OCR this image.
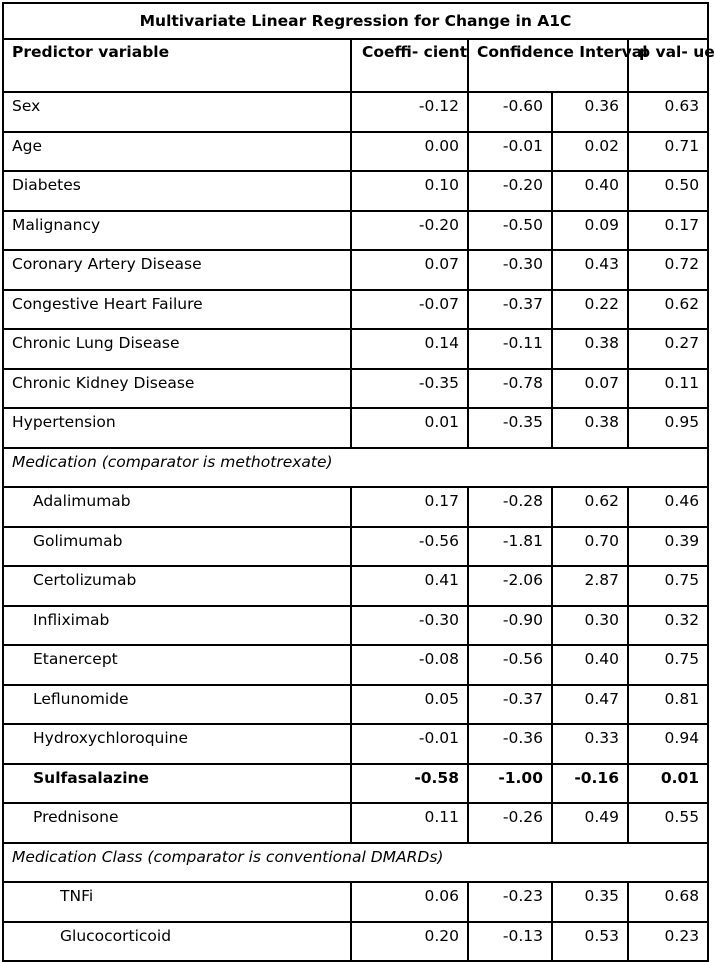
Multivariate Linear Regression for Change in A1C				
Predictor variable	Coeffi- cient	Confidence Interval		p val- ue
Sex	-0.12	-0.60	0.36	0.63
Age	0.00	-0.01	0.02	0.71
Diabetes	0.10	-0.20	0.40	0.50
Malignancy	-0.20	-0.50	0.09	0.17
Coronary Artery Disease	0.07	-0.30	0.43	0.72
Congestive Heart Failure	-0.07	-0.37	0.22	0.62
Chronic Lung Disease	0.14	-0.11	0.38	0.27
Chronic Kidney Disease	-0.35	-0.78	0.07	0.11
Hypertension	0.01	-0.35	0.38	0.95
Medication (comparator is methotrexate)				
Adalimumab	0.17	-0.28	0.62	0.46
Golimumab	-0.56	-1.81	0.70	0.39
Certolizumab	0.41	-2.06	2.87	0.75
Infliximab	-0.30	-0.90	0.30	0.32
Etanercept	-0.08	-0.56	0.40	0.75
Leflunomide	0.05	-0.37	0.47	0.81
Hydroxychloroquine	-0.01	-0.36	0.33	0.94
Sulfasalazine	-0.58	-1.00	-0.16	0.01
Prednisone	0.11	-0.26	0.49	0.55
Medication Class (comparator is conventional DMARDs)				
TNFi	0.06	-0.23	0.35	0.68
Glucocorticoid	0.20	-0.13	0.53	0.23
